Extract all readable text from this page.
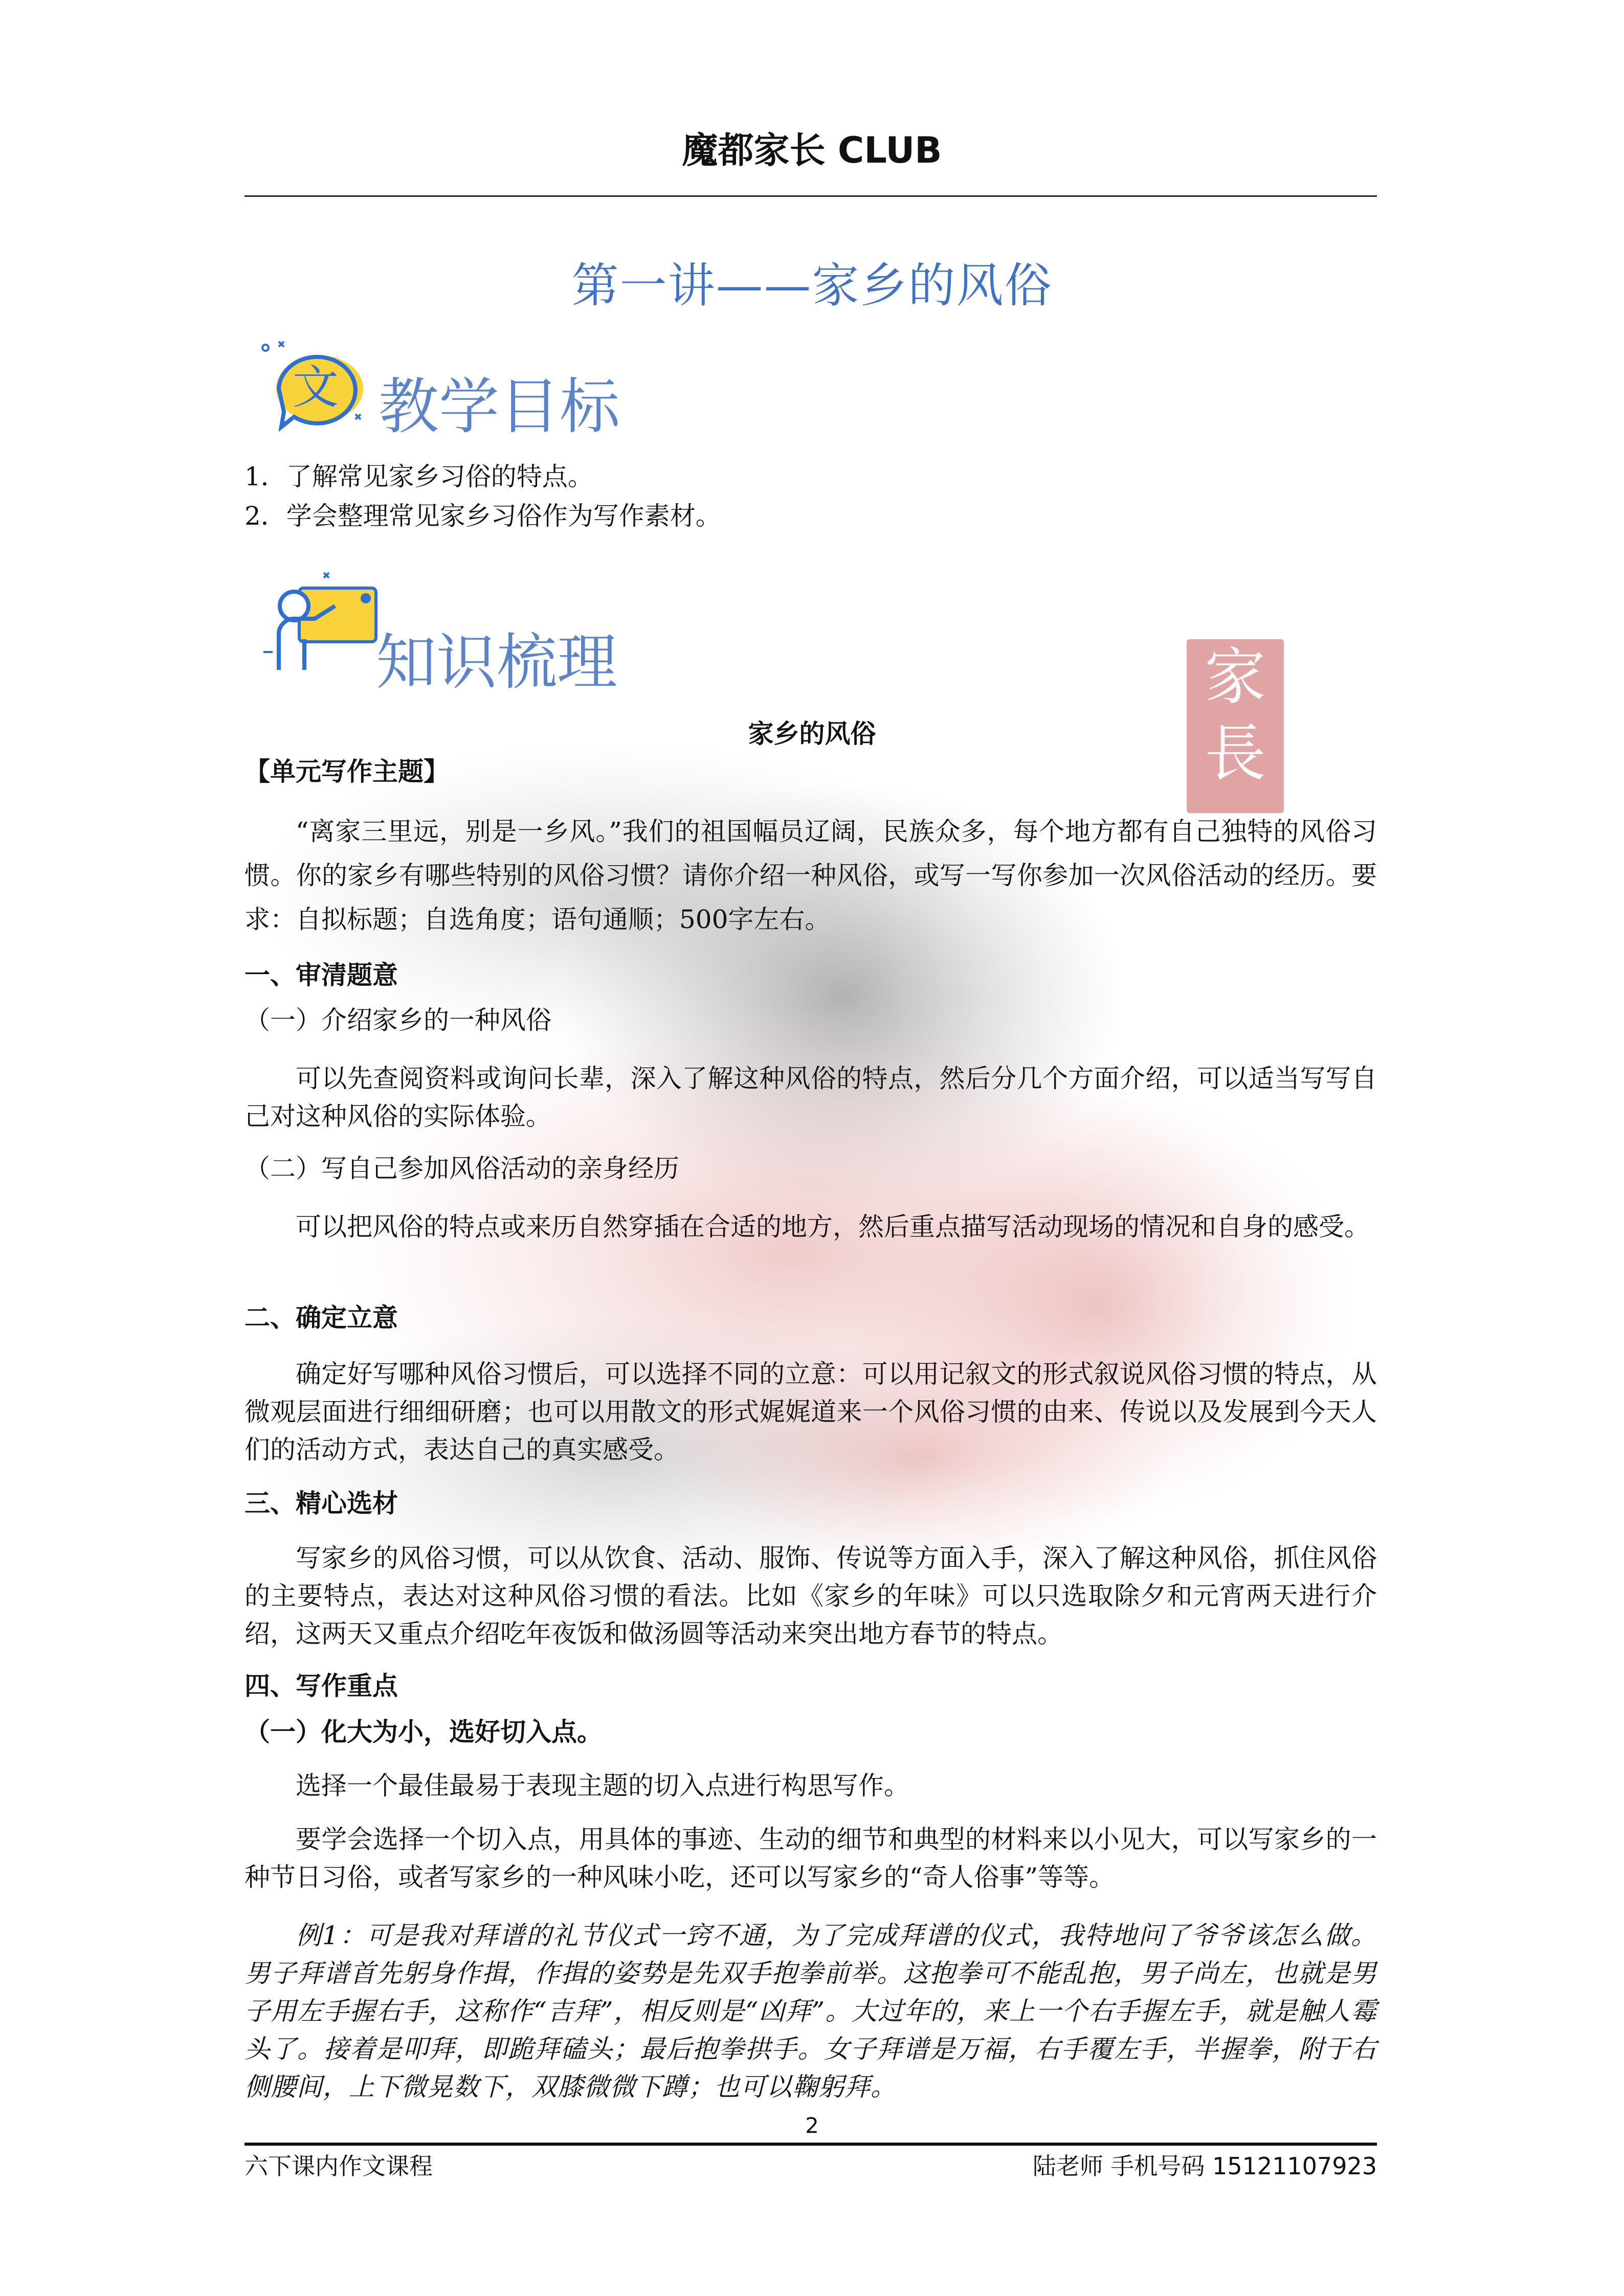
家
長
魔都家长 CLUB
第一讲——家乡的风俗
文 教学目标
1．了解常见家乡习俗的特点。
2．学会整理常见家乡习俗作为写作素材。
知识梳理
家乡的风俗
【单元写作主题】
“离家三里远，别是一乡风。”我们的祖国幅员辽阔，民族众多，每个地方都有自己独特的风俗习惯。你的家乡有哪些特别的风俗习惯？请你介绍一种风俗，或写一写你参加一次风俗活动的经历。要求：自拟标题；自选角度；语句通顺；500字左右。
一、审清题意
（一）介绍家乡的一种风俗
可以先查阅资料或询问长辈，深入了解这种风俗的特点，然后分几个方面介绍，可以适当写写自己对这种风俗的实际体验。
（二）写自己参加风俗活动的亲身经历
可以把风俗的特点或来历自然穿插在合适的地方，然后重点描写活动现场的情况和自身的感受。
二、确定立意
确定好写哪种风俗习惯后，可以选择不同的立意：可以用记叙文的形式叙说风俗习惯的特点，从微观层面进行细细研磨；也可以用散文的形式娓娓道来一个风俗习惯的由来、传说以及发展到今天人们的活动方式，表达自己的真实感受。
三、精心选材
写家乡的风俗习惯，可以从饮食、活动、服饰、传说等方面入手，深入了解这种风俗，抓住风俗的主要特点，表达对这种风俗习惯的看法。比如《家乡的年味》可以只选取除夕和元宵两天进行介绍，这两天又重点介绍吃年夜饭和做汤圆等活动来突出地方春节的特点。
四、写作重点
（一）化大为小，选好切入点。
选择一个最佳最易于表现主题的切入点进行构思写作。
要学会选择一个切入点，用具体的事迹、生动的细节和典型的材料来以小见大，可以写家乡的一种节日习俗，或者写家乡的一种风味小吃，还可以写家乡的“奇人俗事”等等。
例1：可是我对拜谱的礼节仪式一窍不通，为了完成拜谱的仪式，我特地问了爷爷该怎么做。男子拜谱首先躬身作揖，作揖的姿势是先双手抱拳前举。这抱拳可不能乱抱，男子尚左，也就是男子用左手握右手，这称作“吉拜”，相反则是“凶拜”。大过年的，来上一个右手握左手，就是触人霉头了。接着是叩拜，即跪拜磕头；最后抱拳拱手。女子拜谱是万福，右手覆左手，半握拳，附于右侧腰间，上下微晃数下，双膝微微下蹲；也可以鞠躬拜。
2
六下课内作文课程	陆老师 手机号码 15121107923
